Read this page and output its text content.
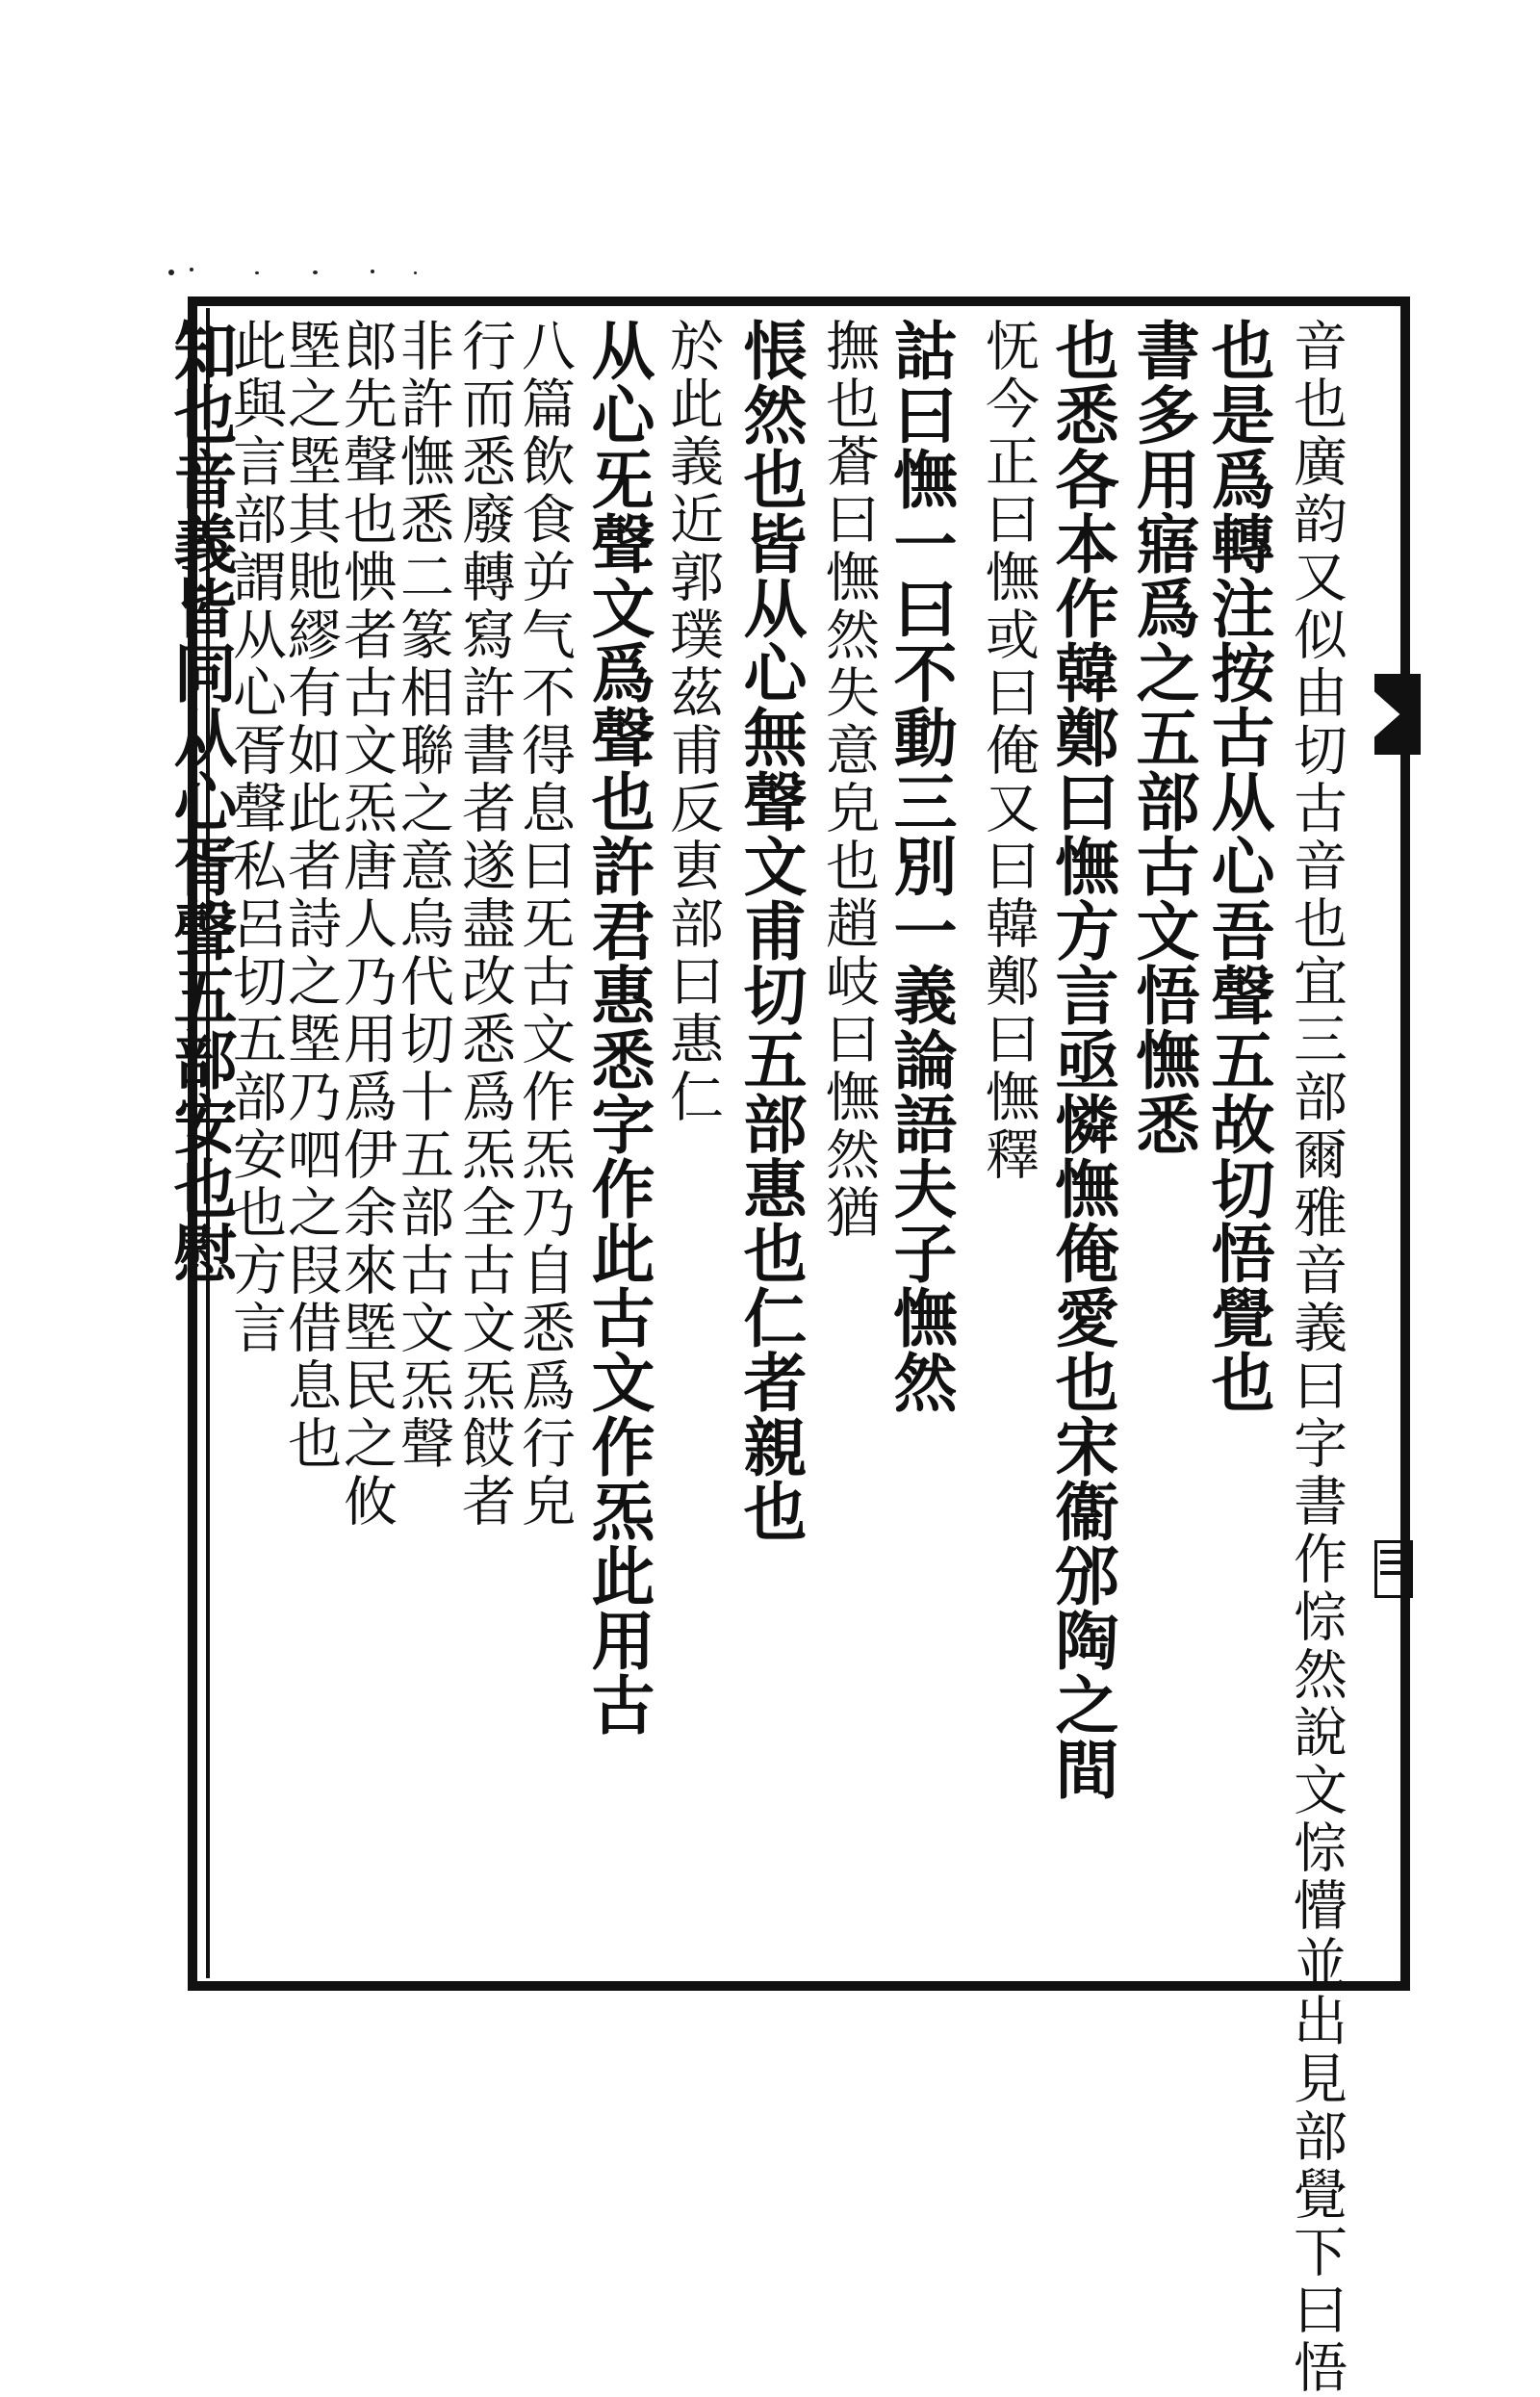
音也廣韵又似由切古音也宜三部爾雅音義曰字書作悰然說文悰懵並出見部覺下曰悟
也是爲轉注按古从心吾聲五故切悟覺也
書多用寤爲之五部古文悟憮悉
也悉各本作韓鄭曰憮方言亟憐憮俺愛也宋衞邠陶之間
怃今正曰憮或曰俺又曰韓鄭曰憮釋
詁曰憮一曰不動三別一義論語夫子憮然
撫也蒼曰憮然失意皃也趙岐曰憮然猶
悵然也皆从心無聲文甫切五部惠也仁者親也
於此義近郭璞茲甫反叀部曰惠仁
从心旡聲文爲聲也許君惠悉字作此古文作炁此用古
八篇飲食屰气不得息曰旡古文作炁乃自悉爲行皃
行而悉廢轉寫許書者遂盡改悉爲炁全古文炁餀者
非許憮悉二篆相聯之意烏代切十五部古文炁聲
郎先聲也㥏者古文炁唐人乃用爲伊余來塈民之攸
塈之塈其貤繆有如此者詩之塈乃呬之叚借息也
此與言部謂从心胥聲私呂切五部安也方言
知也音義皆同从心胥聲五部安也慰
